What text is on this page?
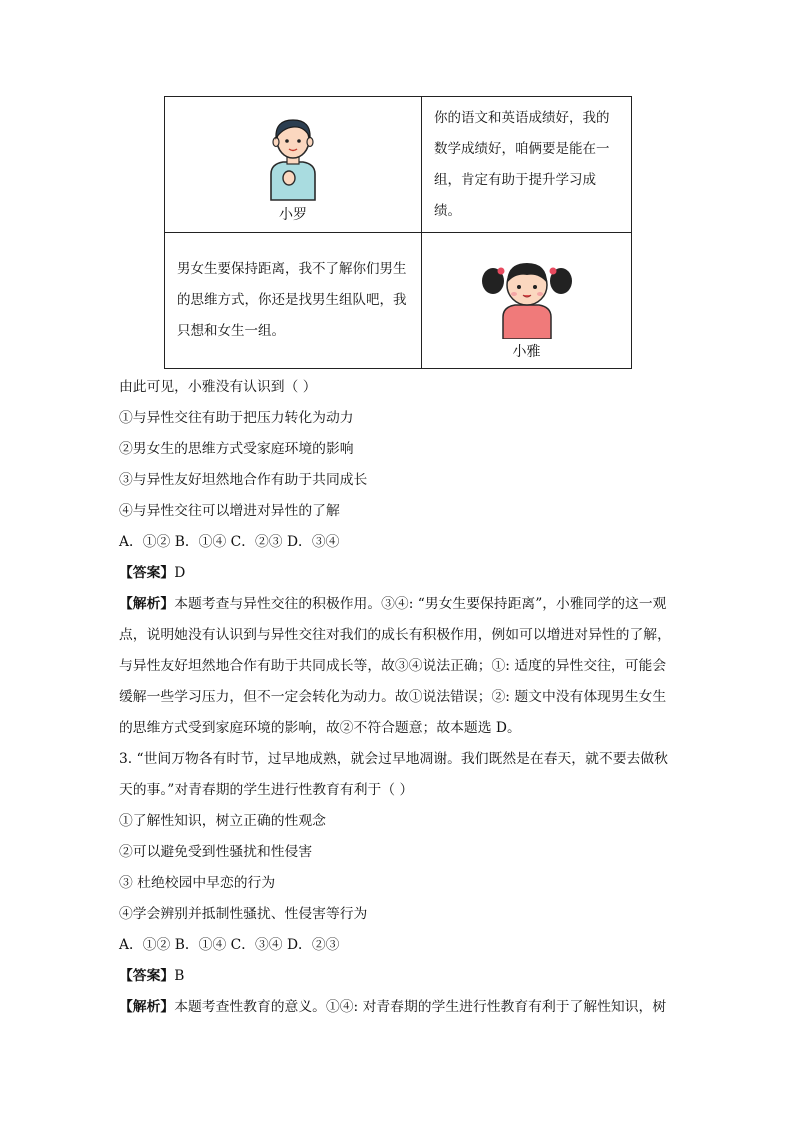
小罗	你的语文和英语成绩好，我的数学成绩好，咱俩要是能在一组，肯定有助于提升学习成绩。

男女生要保持距离，我不了解你们男生的思维方式，你还是找男生组队吧，我只想和女生一组。	小雅
由此可见，小雅没有认识到（ ）
①与异性交往有助于把压力转化为动力
②男女生的思维方式受家庭环境的影响
③与异性友好坦然地合作有助于共同成长
④与异性交往可以增进对异性的了解
A．①② B．①④ C．②③ D．③④
【答案】D
【解析】本题考查与异性交往的积极作用。③④: “男女生要保持距离”，小雅同学的这一观
点，说明她没有认识到与异性交往对我们的成长有积极作用，例如可以增进对异性的了解，
与异性友好坦然地合作有助于共同成长等，故③④说法正确；①: 适度的异性交往，可能会
缓解一些学习压力，但不一定会转化为动力。故①说法错误；②: 题文中没有体现男生女生
的思维方式受到家庭环境的影响，故②不符合题意；故本题选 D。
3. “世间万物各有时节，过早地成熟，就会过早地凋谢。我们既然是在春天，就不要去做秋
天的事。”对青春期的学生进行性教育有利于（ ）
①了解性知识，树立正确的性观念
②可以避免受到性骚扰和性侵害
③ 杜绝校园中早恋的行为
④学会辨别并抵制性骚扰、性侵害等行为
A．①② B．①④ C．③④ D．②③
【答案】B
【解析】本题考查性教育的意义。①④: 对青春期的学生进行性教育有利于了解性知识，树
